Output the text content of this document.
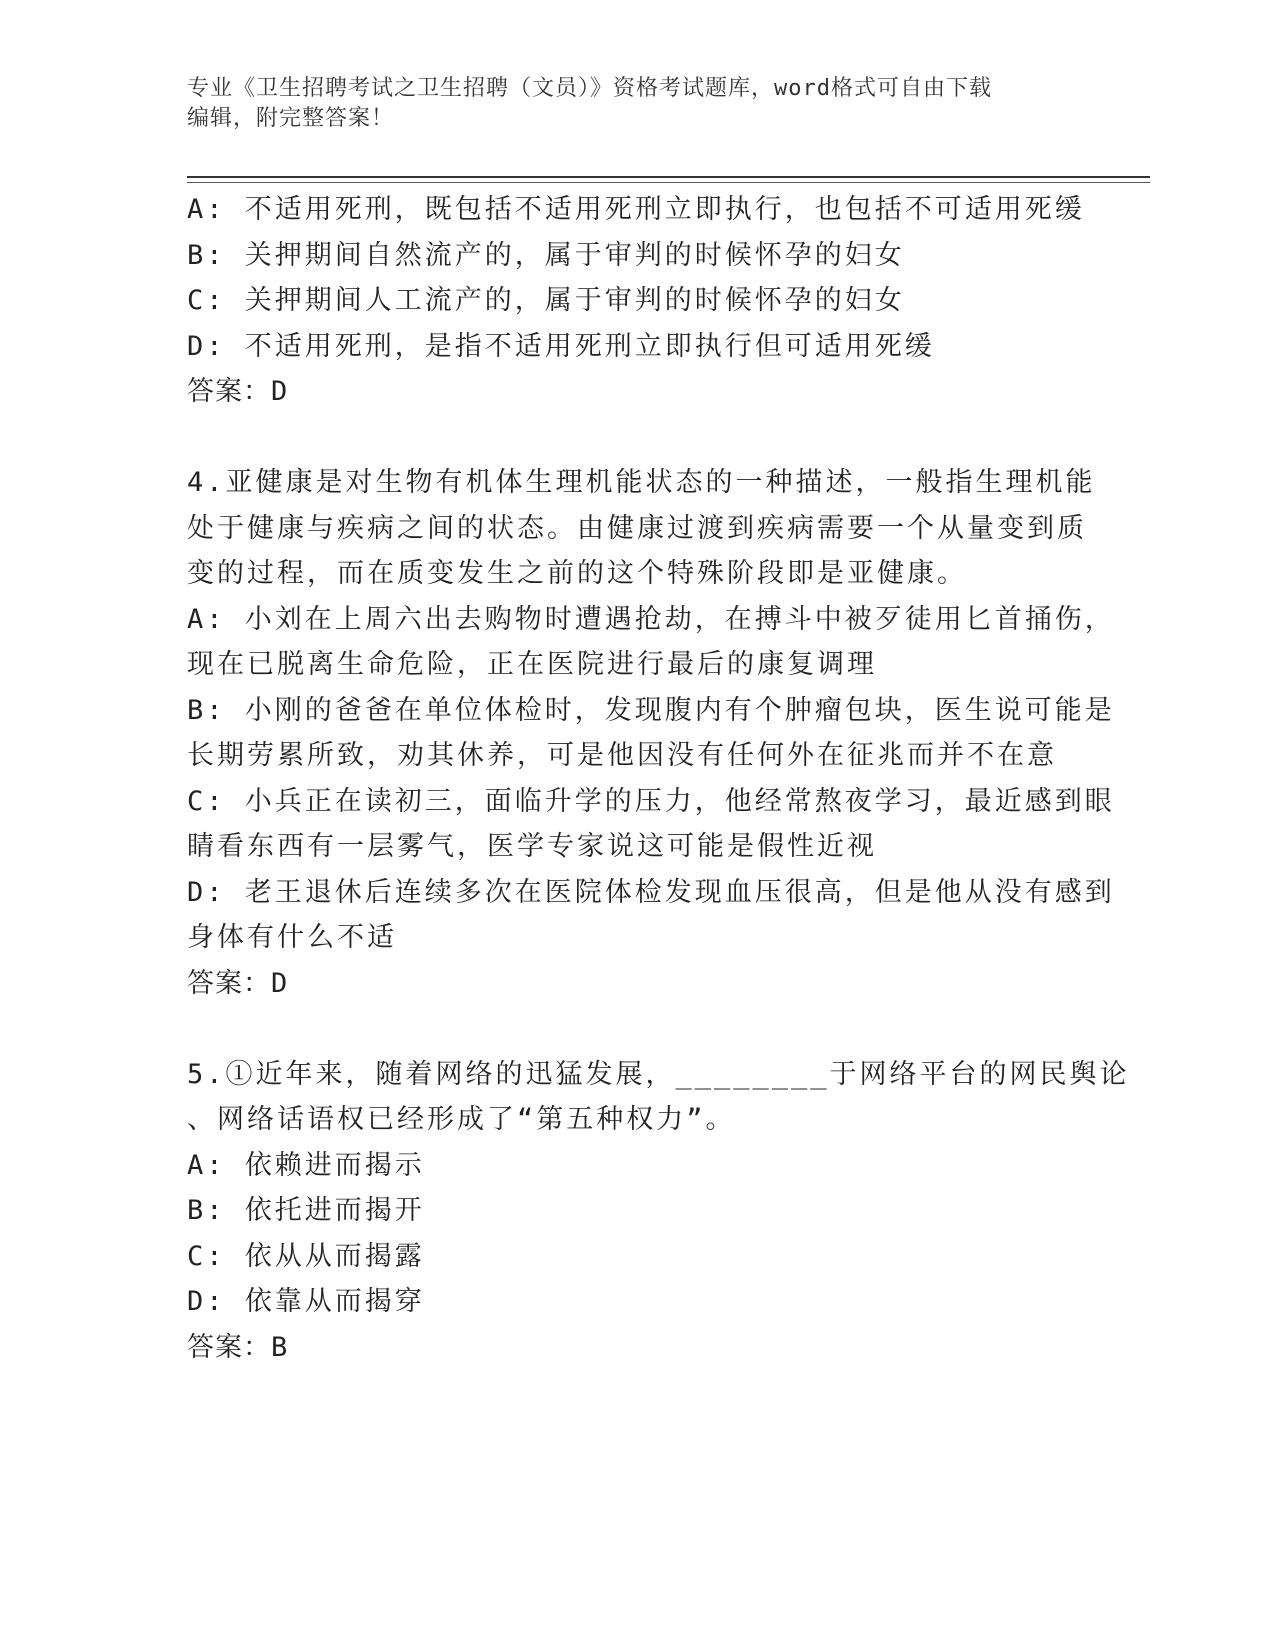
专业《卫生招聘考试之卫生招聘（文员）》资格考试题库，word格式可自由下载
编辑，附完整答案！
A: 不适用死刑，既包括不适用死刑立即执行，也包括不可适用死缓
B: 关押期间自然流产的，属于审判的时候怀孕的妇女
C: 关押期间人工流产的，属于审判的时候怀孕的妇女
D: 不适用死刑，是指不适用死刑立即执行但可适用死缓
答案：D
4.亚健康是对生物有机体生理机能状态的一种描述，一般指生理机能
处于健康与疾病之间的状态。由健康过渡到疾病需要一个从量变到质
变的过程，而在质变发生之前的这个特殊阶段即是亚健康。
A: 小刘在上周六出去购物时遭遇抢劫，在搏斗中被歹徒用匕首捅伤，
现在已脱离生命危险，正在医院进行最后的康复调理
B: 小刚的爸爸在单位体检时，发现腹内有个肿瘤包块，医生说可能是
长期劳累所致，劝其休养，可是他因没有任何外在征兆而并不在意
C: 小兵正在读初三，面临升学的压力，他经常熬夜学习，最近感到眼
睛看东西有一层雾气，医学专家说这可能是假性近视
D: 老王退休后连续多次在医院体检发现血压很高，但是他从没有感到
身体有什么不适
答案：D
5.①近年来，随着网络的迅猛发展，________于网络平台的网民舆论
、网络话语权已经形成了“第五种权力”。
A: 依赖进而揭示
B: 依托进而揭开
C: 依从从而揭露
D: 依靠从而揭穿
答案：B
